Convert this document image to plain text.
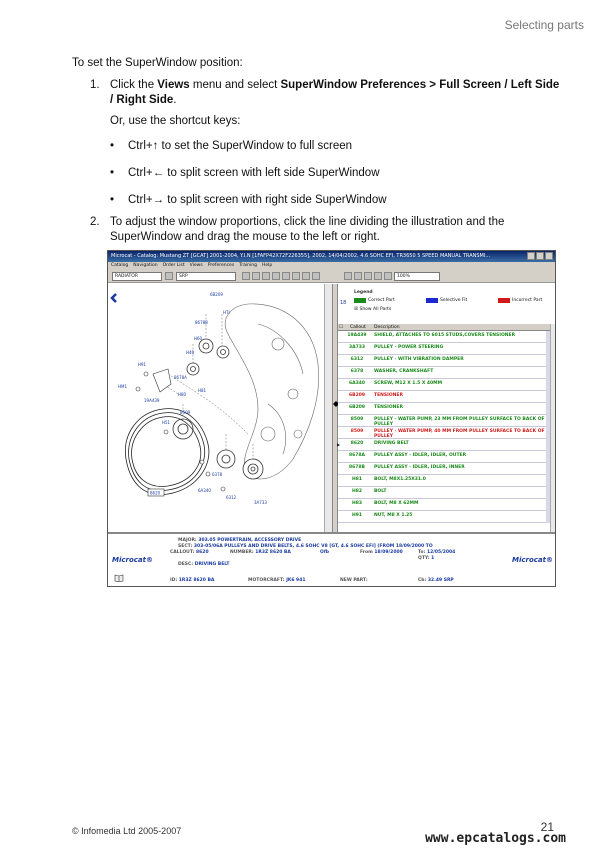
Selecting parts
To set the SuperWindow position:
1. Click the Views menu and select SuperWindow Preferences > Full Screen / Left Side / Right Side.
Or, use the shortcut keys:
• Ctrl+↑ to set the SuperWindow to full screen
• Ctrl+← to split screen with left side SuperWindow
• Ctrl+→ to split screen with right side SuperWindow
2. To adjust the window proportions, click the line dividing the illustration and the SuperWindow and drag the mouse to the left or right.
Microcat - Catalog: Mustang ZT [GCAT] 2001-2004, Y.I.N [1FAFP42X72F226355], 2002, 14/04/2002, 4.6 SOHC EFI, TR3650 5 SPEED MANUAL TRANSMI...
Catalog Navigation Order List Views Preferences Training Help
RADIATOR	SRP	100%
6B209
HTI
8678B
H60
H40
H91
8678A
HM1
H81
H80
19A439
8509
H51
6378
6A340
6312
3A733
8620
Legend
18	Correct Part	Selective Fit	Incorrect Part
☒ Show All Parts
☐ Callout Description
19A439	SHIELD, ATTACHES TO 6015 STUDS,COVERS TENSIONER
3A733	PULLEY - POWER STEERING
6312	PULLEY - WITH VIBRATION DAMPER
6378	WASHER, CRANKSHAFT
6A340	SCREW, M12 X 1.5 X 40MM
6B209	TENSIONER
6B209	TENSIONER
8509	PULLEY - WATER PUMP, 23 MM FROM PULLEY SURFACE TO BACK OF PULLEY
8509	PULLEY - WATER PUMP, 40 MM FROM PULLEY SURFACE TO BACK OF PULLEY
8620	DRIVING BELT
▶
8678A	PULLEY ASSY - IDLER, IDLER, OUTER
8678B	PULLEY ASSY - IDLER, IDLER, INNER
H81	BOLT, M8X1.25X31.0
H82	BOLT
H83	BOLT, M8 X 62MM
H91	NUT, M8 X 1.25
MAJOR: 303.05 POWERTRAIN, ACCESSORY DRIVE
SECT: 303-05/06A PULLEYS AND DRIVE BELTS, 4.6 SOHC V8 [GT, 4.6 SOHC EFI] (FROM 18/09/2000 TO
CALLOUT: 8620	NUMBER: 1R3Z 8620 BA	Ofb	From 18/09/2000	To: 12/05/2004
QTY: 1
DESC: DRIVING BELT
ID: 1R3Z 8620 BA	MOTORCRAFT: JK6 941	NEW PART:	Cb: 32.49 SRP
Microcat®	Microcat®
© Infomedia Ltd 2005-2007	21
www.epcatalogs.com
